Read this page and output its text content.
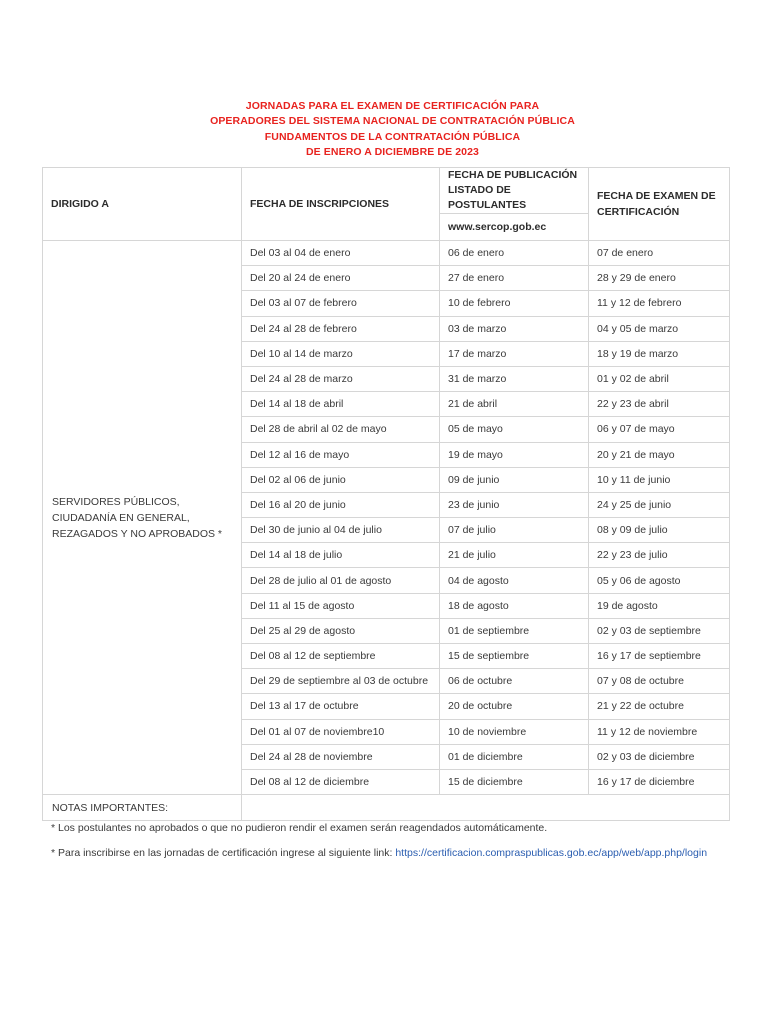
JORNADAS PARA EL EXAMEN DE CERTIFICACIÓN PARA
OPERADORES DEL SISTEMA NACIONAL DE CONTRATACIÓN PÚBLICA
FUNDAMENTOS DE LA CONTRATACIÓN PÚBLICA
DE ENERO A DICIEMBRE DE 2023
DIRIGIDO A	FECHA DE INSCRIPCIONES	FECHA DE PUBLICACIÓN LISTADO DE POSTULANTES	FECHA DE EXAMEN DE CERTIFICACIÓN
		www.sercop.gob.ec	
SERVIDORES PÚBLICOS, CIUDADANÍA EN GENERAL, REZAGADOS Y NO APROBADOS *	Del 03 al 04 de enero	06 de enero	07 de enero
	Del 20 al 24 de enero	27 de enero	28 y 29 de enero
	Del 03 al 07 de febrero	10 de febrero	11 y 12 de febrero
	Del 24 al 28 de febrero	03 de marzo	04 y 05 de marzo
	Del 10 al 14 de marzo	17 de marzo	18 y 19 de marzo
	Del 24 al 28 de marzo	31 de marzo	01 y 02 de abril
	Del 14 al 18 de abril	21 de abril	22 y 23 de abril
	Del 28 de abril al 02 de mayo	05 de mayo	06 y 07 de mayo
	Del 12 al 16 de mayo	19 de mayo	20 y 21 de mayo
	Del 02 al 06 de junio	09 de junio	10 y 11 de junio
	Del 16 al 20 de junio	23 de junio	24 y 25 de junio
	Del 30 de junio al 04 de julio	07 de julio	08 y 09 de julio
	Del 14 al 18 de julio	21 de julio	22 y 23 de julio
	Del 28 de julio al 01 de agosto	04 de agosto	05 y 06 de agosto
	Del 11 al 15 de agosto	18 de agosto	19 de agosto
	Del 25 al 29 de agosto	01 de septiembre	02 y 03 de septiembre
	Del 08 al 12 de septiembre	15 de septiembre	16 y 17 de septiembre
	Del 29 de septiembre al 03 de octubre	06 de octubre	07 y 08 de octubre
	Del 13 al 17 de octubre	20 de octubre	21 y 22 de octubre
	Del 01 al 07 de noviembre10	10 de noviembre	11 y 12 de noviembre
	Del 24 al 28 de noviembre	01 de diciembre	02 y 03 de diciembre
	Del 08 al 12 de diciembre	15 de diciembre	16 y 17 de diciembre
NOTAS IMPORTANTES:			
* Los postulantes no aprobados o que no pudieron rendir el examen serán reagendados automáticamente.
* Para inscribirse en las jornadas de certificación ingrese al siguiente link: https://certificacion.compraspublicas.gob.ec/app/web/app.php/login
